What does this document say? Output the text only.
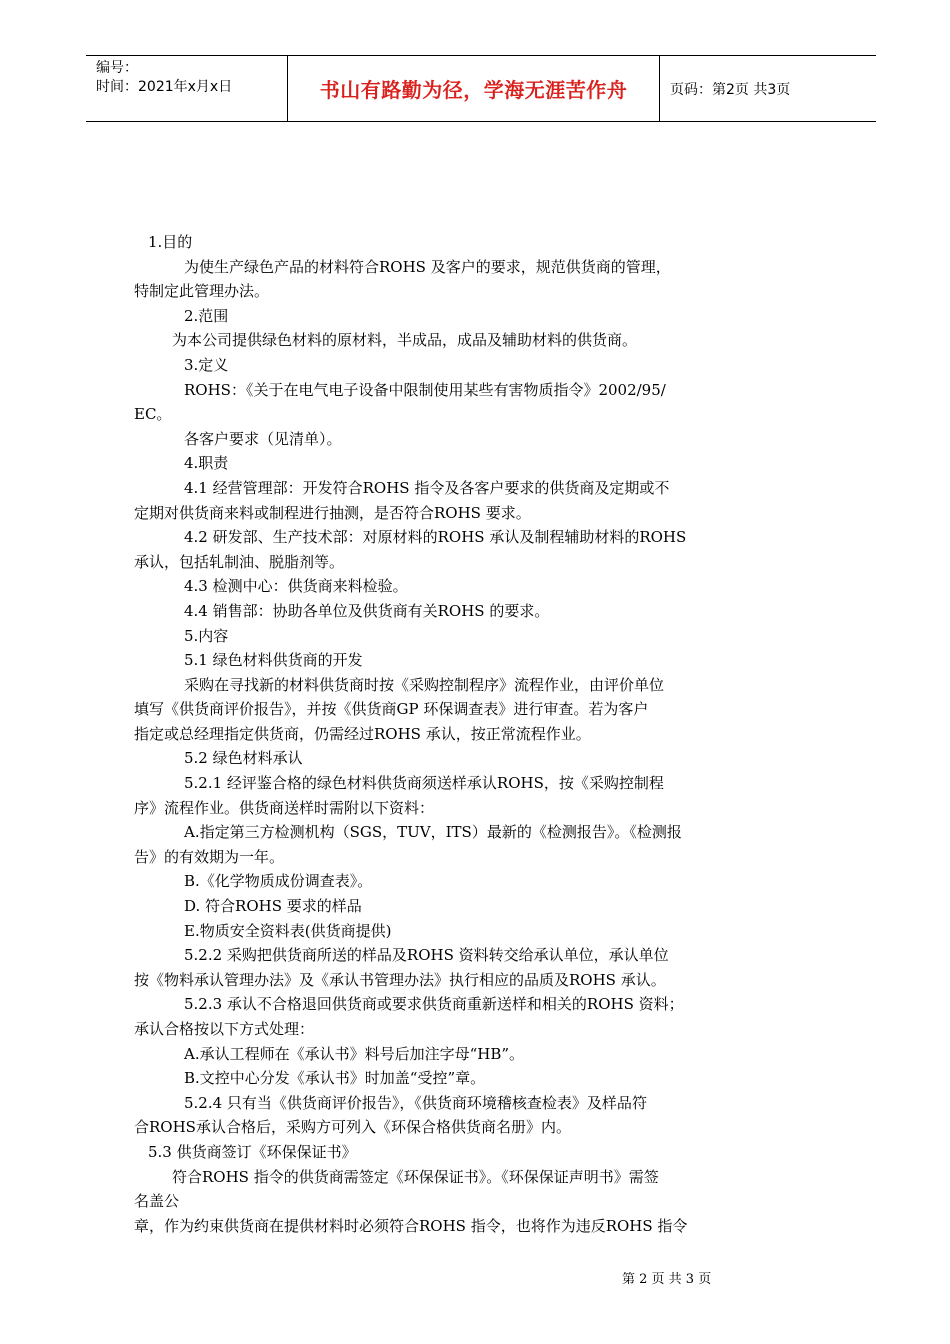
编号：
时间：2021年x月x日	书山有路勤为径，学海无涯苦作舟	页码：第2页 共3页
1.目的
为使生产绿色产品的材料符合ROHS 及客户的要求，规范供货商的管理，
特制定此管理办法。
2.范围
为本公司提供绿色材料的原材料，半成品，成品及辅助材料的供货商。
3.定义
ROHS：《关于在电气电子设备中限制使用某些有害物质指令》2002/95/
EC。
各客户要求（见清单）。
4.职责
4.1 经营管理部：开发符合ROHS 指令及各客户要求的供货商及定期或不
定期对供货商来料或制程进行抽测，是否符合ROHS 要求。
4.2 研发部、生产技术部：对原材料的ROHS 承认及制程辅助材料的ROHS
承认，包括轧制油、脱脂剂等。
4.3 检测中心：供货商来料检验。
4.4 销售部：协助各单位及供货商有关ROHS 的要求。
5.内容
5.1 绿色材料供货商的开发
采购在寻找新的材料供货商时按《采购控制程序》流程作业，由评价单位
填写《供货商评价报告》，并按《供货商GP 环保调查表》进行审查。若为客户
指定或总经理指定供货商，仍需经过ROHS 承认，按正常流程作业。
5.2 绿色材料承认
5.2.1 经评鉴合格的绿色材料供货商须送样承认ROHS，按《采购控制程
序》流程作业。供货商送样时需附以下资料：
A.指定第三方检测机构（SGS，TUV，ITS）最新的《检测报告》。《检测报
告》的有效期为一年。
B.《化学物质成份调查表》。
D. 符合ROHS 要求的样品
E.物质安全资料表(供货商提供)
5.2.2 采购把供货商所送的样品及ROHS 资料转交给承认单位，承认单位
按《物料承认管理办法》及《承认书管理办法》执行相应的品质及ROHS 承认。
5.2.3 承认不合格退回供货商或要求供货商重新送样和相关的ROHS 资料；
承认合格按以下方式处理：
A.承认工程师在《承认书》料号后加注字母“HB”。
B.文控中心分发《承认书》时加盖“受控”章。
5.2.4 只有当《供货商评价报告》，《供货商环境稽核查检表》及样品符
合ROHS承认合格后，采购方可列入《环保合格供货商名册》内。
5.3 供货商签订《环保保证书》
符合ROHS 指令的供货商需签定《环保保证书》。《环保保证声明书》需签
名盖公
章，作为约束供货商在提供材料时必须符合ROHS 指令，也将作为违反ROHS 指令
第 2 页 共 3 页
